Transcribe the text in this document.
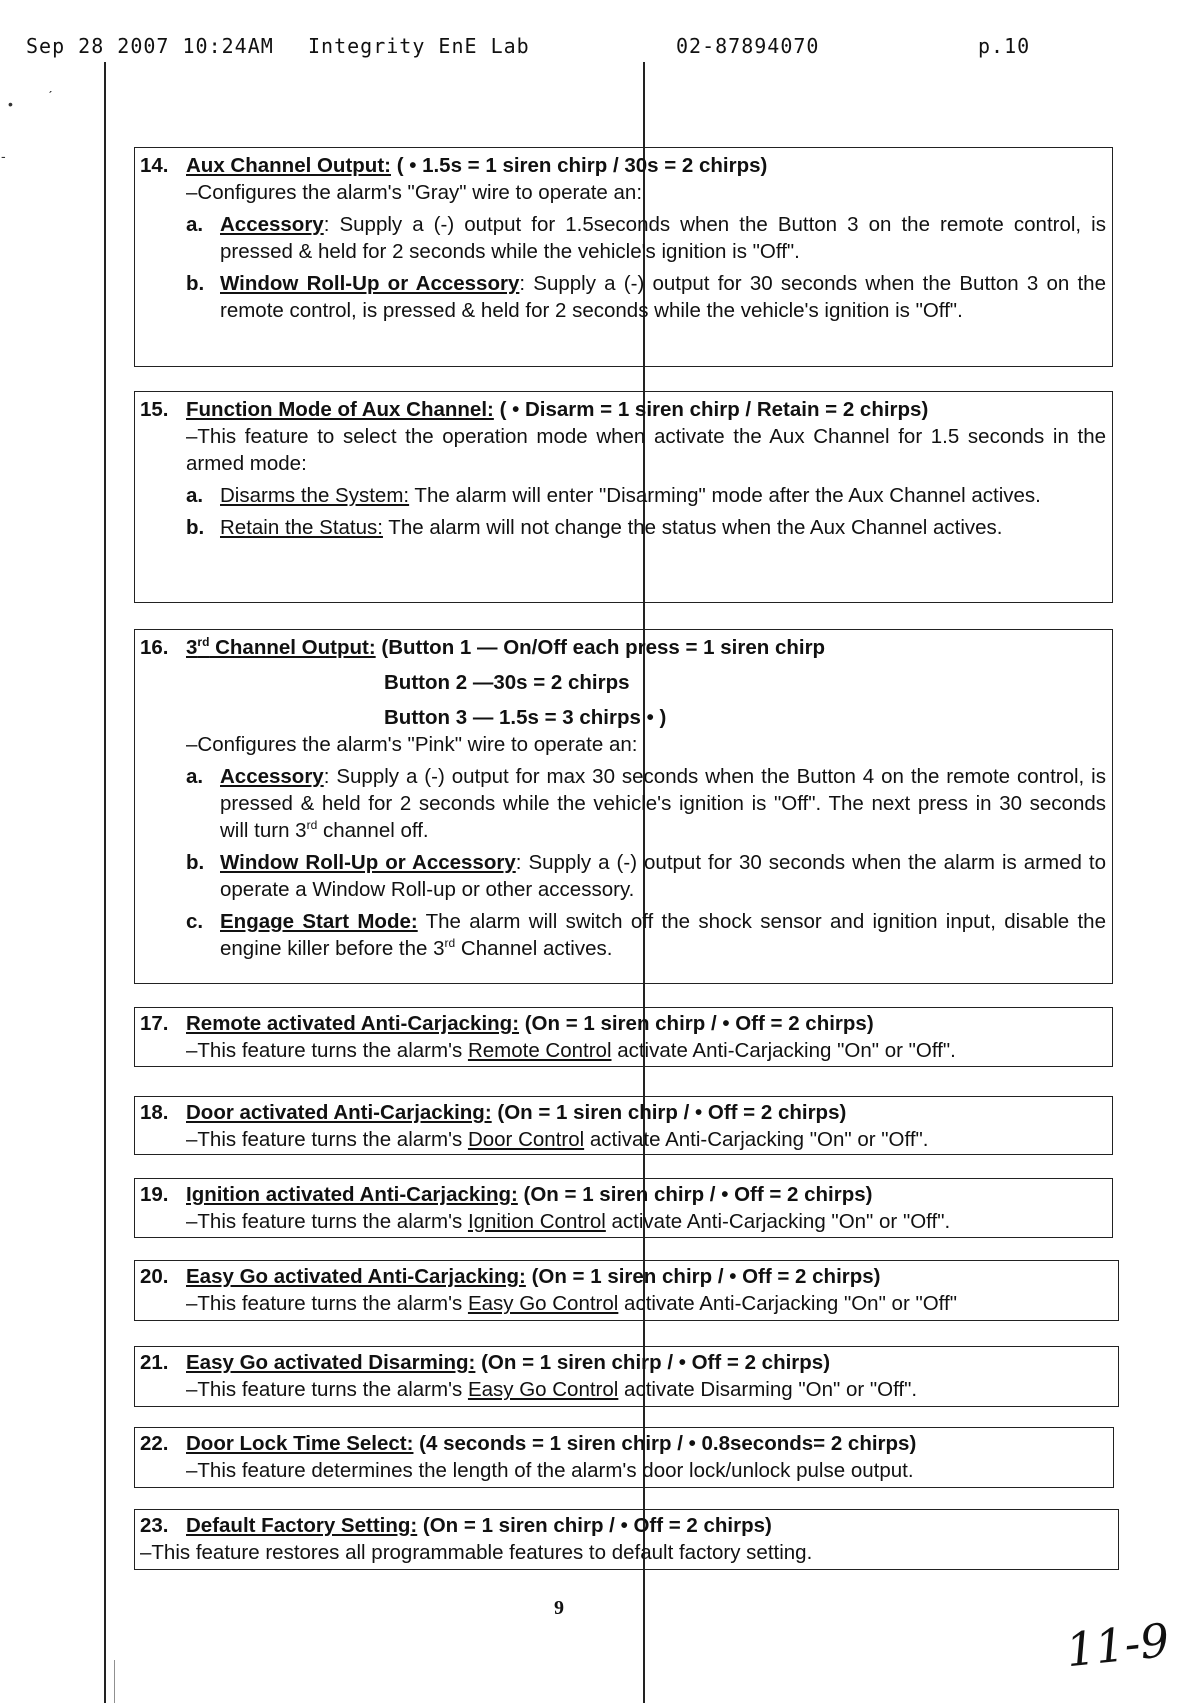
Sep 28 2007 10:24AM Integrity EnE Lab	02-87894070	p.10
•	ˊ
-	14. Aux Channel Output: ( • 1.5s = 1 siren chirp / 30s = 2 chirps)
–Configures the alarm's "Gray" wire to operate an:
a. Accessory: Supply a (-) output for 1.5seconds when the Button 3 on the remote control, is pressed & held for 2 seconds while the vehicle's ignition is "Off".
b. Window Roll-Up or Accessory: Supply a (-) output for 30 seconds when the Button 3 on the remote control, is pressed & held for 2 seconds while the vehicle's ignition is "Off".
15. Function Mode of Aux Channel: ( • Disarm = 1 siren chirp / Retain = 2 chirps)
–This feature to select the operation mode when activate the Aux Channel for 1.5 seconds in the armed mode:
a. Disarms the System: The alarm will enter "Disarming" mode after the Aux Channel actives.
b. Retain the Status: The alarm will not change the status when the Aux Channel actives.
16. 3rd Channel Output: (Button 1 — On/Off each press = 1 siren chirp
Button 2 —30s = 2 chirps
Button 3 — 1.5s = 3 chirps • )
–Configures the alarm's "Pink" wire to operate an:
a. Accessory: Supply a (-) output for max 30 seconds when the Button 4 on the remote control, is pressed & held for 2 seconds while the vehicle's ignition is "Off". The next press in 30 seconds will turn 3rd channel off.
b. Window Roll-Up or Accessory: Supply a (-) output for 30 seconds when the alarm is armed to operate a Window Roll-up or other accessory.
c. Engage Start Mode: The alarm will switch off the shock sensor and ignition input, disable the engine killer before the 3rd Channel actives.
17. Remote activated Anti-Carjacking: (On = 1 siren chirp / • Off = 2 chirps)
–This feature turns the alarm's Remote Control activate Anti-Carjacking "On" or "Off".
18. Door activated Anti-Carjacking: (On = 1 siren chirp / • Off = 2 chirps)
–This feature turns the alarm's Door Control activate Anti-Carjacking "On" or "Off".
19. Ignition activated Anti-Carjacking: (On = 1 siren chirp / • Off = 2 chirps)
–This feature turns the alarm's Ignition Control activate Anti-Carjacking "On" or "Off".
20. Easy Go activated Anti-Carjacking: (On = 1 siren chirp / • Off = 2 chirps)
–This feature turns the alarm's Easy Go Control activate Anti-Carjacking "On" or "Off"
21. Easy Go activated Disarming: (On = 1 siren chirp / • Off = 2 chirps)
–This feature turns the alarm's Easy Go Control activate Disarming "On" or "Off".
22. Door Lock Time Select: (4 seconds = 1 siren chirp / • 0.8seconds= 2 chirps)
–This feature determines the length of the alarm's door lock/unlock pulse output.
23. Default Factory Setting: (On = 1 siren chirp / • Off = 2 chirps)
–This feature restores all programmable features to default factory setting.
9
11-9
